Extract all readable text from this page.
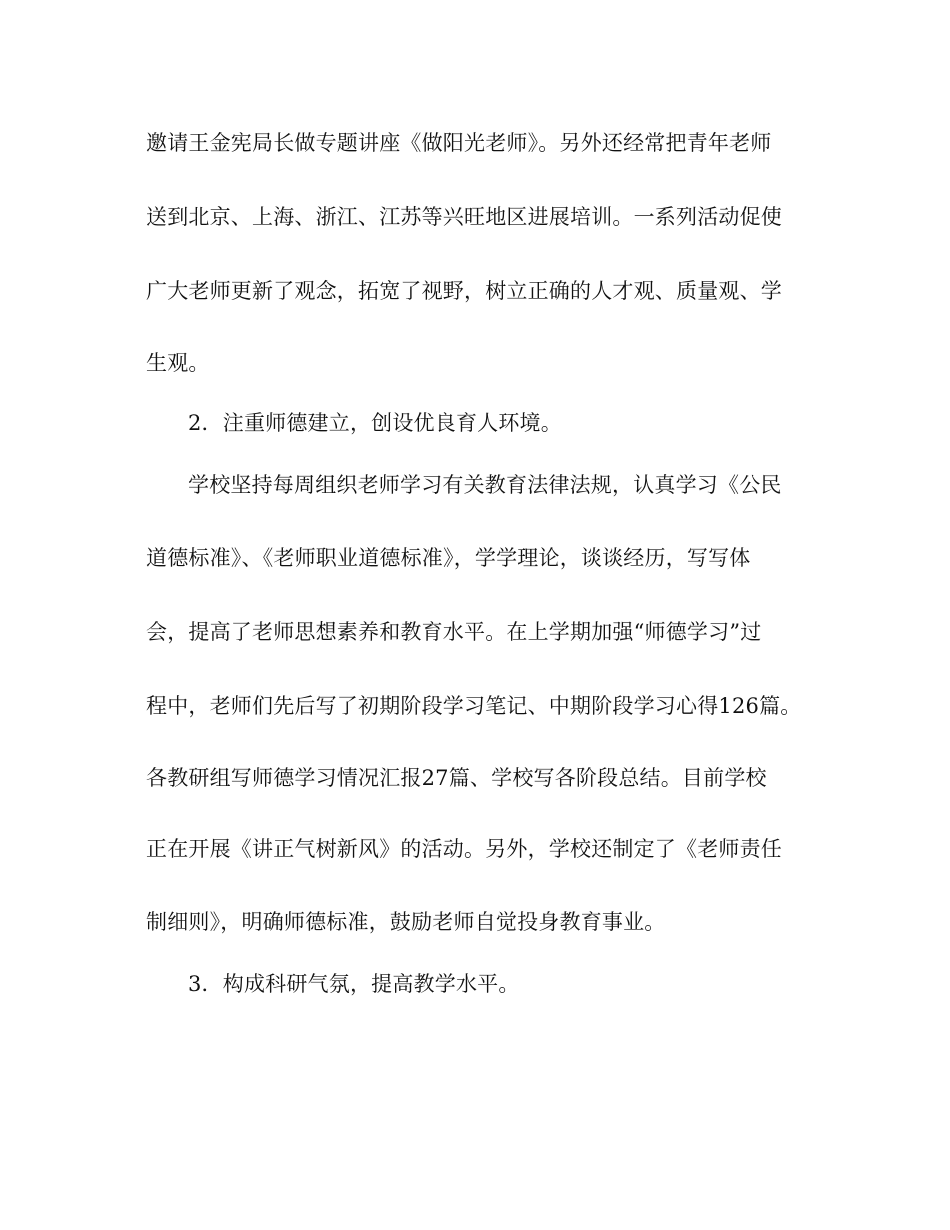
邀请王金宪局长做专题讲座《做阳光老师》。另外还经常把青年老师
送到北京、上海、浙江、江苏等兴旺地区进展培训。一系列活动促使
广大老师更新了观念，拓宽了视野，树立正确的人才观、质量观、学
生观。
2．注重师德建立，创设优良育人环境。
学校坚持每周组织老师学习有关教育法律法规，认真学习《公民
道德标准》、《老师职业道德标准》，学学理论，谈谈经历，写写体
会，提高了老师思想素养和教育水平。在上学期加强“师德学习”过
程中，老师们先后写了初期阶段学习笔记、中期阶段学习心得126篇。
各教研组写师德学习情况汇报27篇、学校写各阶段总结。目前学校
正在开展《讲正气树新风》的活动。另外，学校还制定了《老师责任
制细则》，明确师德标准，鼓励老师自觉投身教育事业。
3．构成科研气氛，提高教学水平。
